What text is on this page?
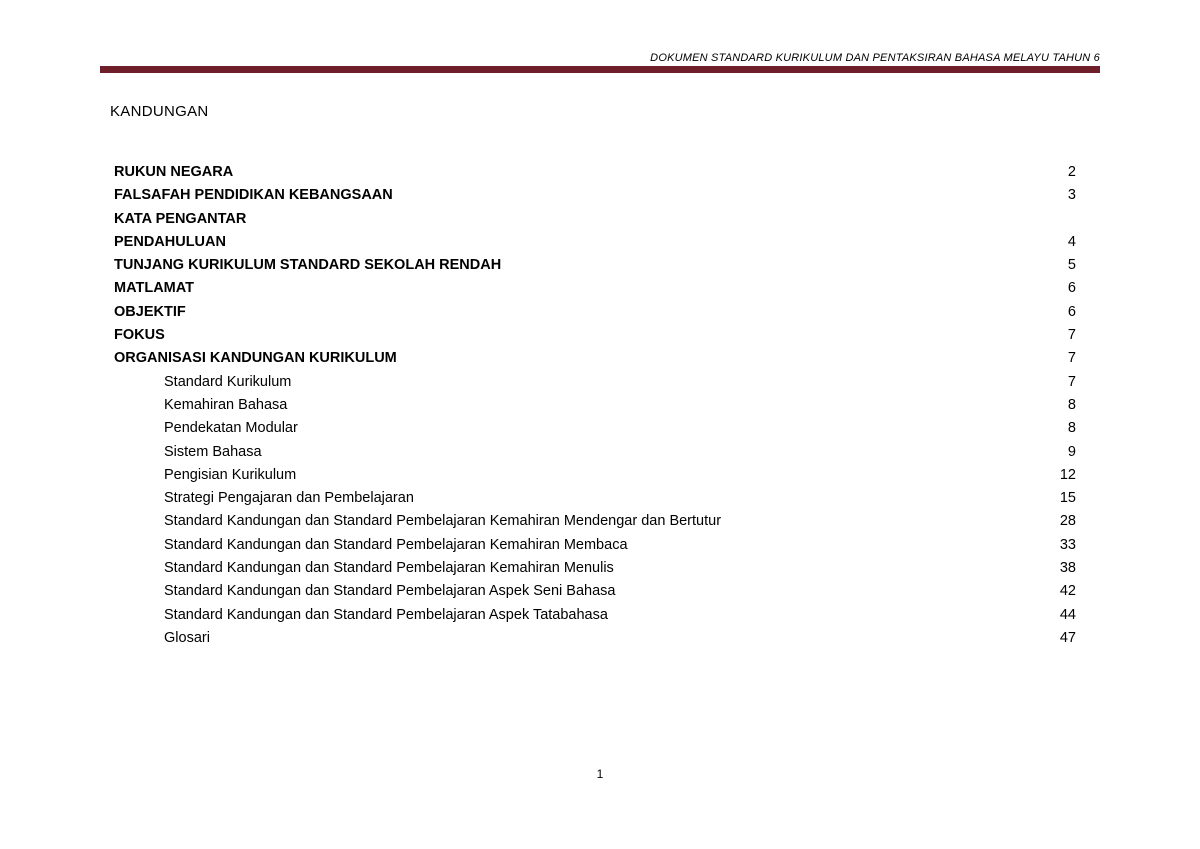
DOKUMEN STANDARD KURIKULUM DAN PENTAKSIRAN BAHASA MELAYU TAHUN 6
KANDUNGAN
RUKUN NEGARA	2
FALSAFAH PENDIDIKAN KEBANGSAAN	3
KATA PENGANTAR
PENDAHULUAN	4
TUNJANG KURIKULUM STANDARD SEKOLAH RENDAH	5
MATLAMAT	6
OBJEKTIF	6
FOKUS	7
ORGANISASI KANDUNGAN KURIKULUM	7
Standard Kurikulum	7
Kemahiran Bahasa	8
Pendekatan Modular	8
Sistem Bahasa	9
Pengisian Kurikulum	12
Strategi Pengajaran dan Pembelajaran	15
Standard Kandungan dan Standard Pembelajaran Kemahiran Mendengar dan Bertutur	28
Standard Kandungan dan Standard Pembelajaran Kemahiran Membaca	33
Standard Kandungan dan Standard Pembelajaran Kemahiran Menulis	38
Standard Kandungan dan Standard Pembelajaran Aspek Seni Bahasa	42
Standard Kandungan dan Standard Pembelajaran Aspek Tatabahasa	44
Glosari	47
1
